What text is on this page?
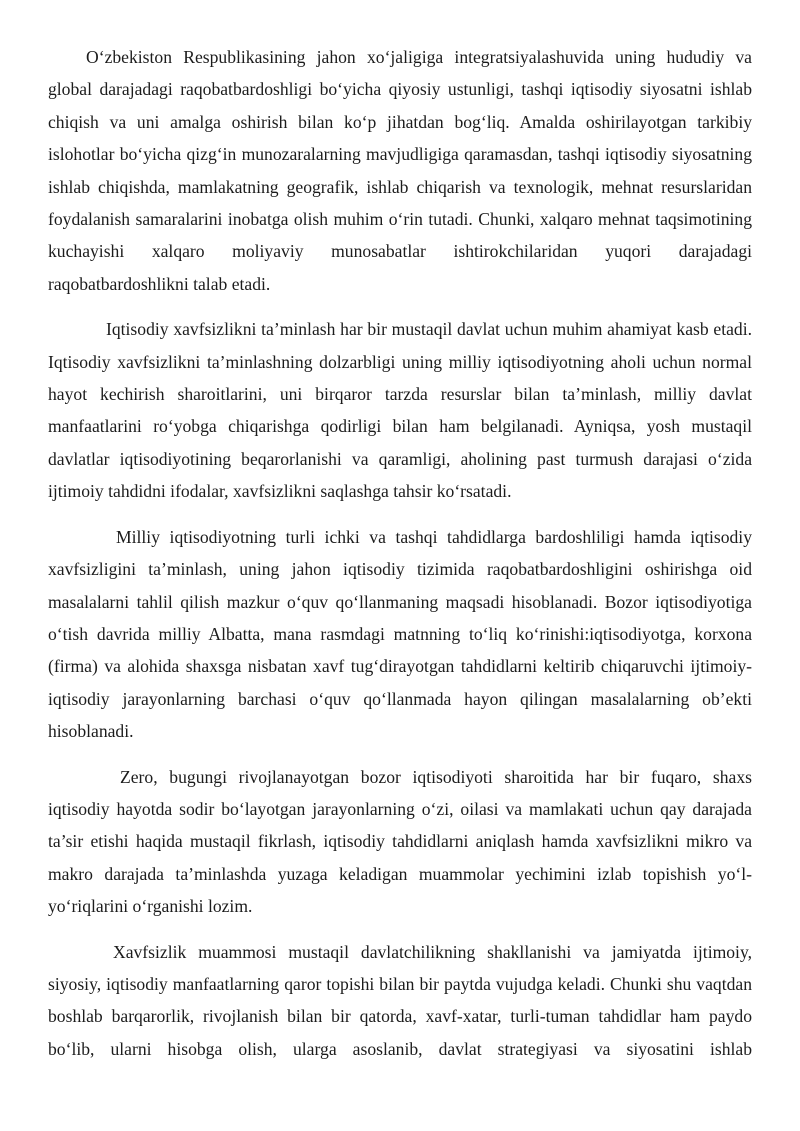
O‘zbekiston Respublikasining jahon xo‘jaligiga integratsiyalashuvida uning hududiy va global darajadagi raqobatbardoshligi bo‘yicha qiyosiy ustunligi, tashqi iqtisodiy siyosatni ishlab chiqish va uni amalga oshirish bilan ko‘p jihatdan bog‘liq. Amalda oshirilayotgan tarkibiy islohotlar bo‘yicha qizg‘in munozaralarning mavjudligiga qaramasdan, tashqi iqtisodiy siyosatning ishlab chiqishda, mamlakatning geografik, ishlab chiqarish va texnologik, mehnat resurslaridan foydalanish samaralarini inobatga olish muhim o‘rin tutadi. Chunki, xalqaro mehnat taqsimotining kuchayishi xalqaro moliyaviy munosabatlar ishtirokchilaridan yuqori darajadagi raqobatbardoshlikni talab etadi.

Iqtisodiy xavfsizlikni ta’minlash har bir mustaqil davlat uchun muhim ahamiyat kasb etadi. Iqtisodiy xavfsizlikni ta’minlashning dolzarbligi uning milliy iqtisodiyotning aholi uchun normal hayot kechirish sharoitlarini, uni birqaror tarzda resurslar bilan ta’minlash, milliy davlat manfaatlarini ro‘yobga chiqarishga qodirligi bilan ham belgilanadi. Ayniqsa, yosh mustaqil davlatlar iqtisodiyotining beqarorlanishi va qaramligi, aholining past turmush darajasi o‘zida ijtimoiy tahdidni ifodalar, xavfsizlikni saqlashga tahsir ko‘rsatadi.

Milliy iqtisodiyotning turli ichki va tashqi tahdidlarga bardoshliligi hamda iqtisodiy xavfsizligini ta’minlash, uning jahon iqtisodiy tizimida raqobatbardoshligini oshirishga oid masalalarni tahlil qilish mazkur o‘quv qo‘llanmaning maqsadi hisoblanadi. Bozor iqtisodiyotiga o‘tish davrida milliy Albatta, mana rasmdagi matnning to‘liq ko‘rinishi:iqtisodiyotga, korxona (firma) va alohida shaxsga nisbatan xavf tug‘dirayotgan tahdidlarni keltirib chiqaruvchi ijtimoiy-iqtisodiy jarayonlarning barchasi o‘quv qo‘llanmada hayon qilingan masalalarning ob’ekti hisoblanadi.

Zero, bugungi rivojlanayotgan bozor iqtisodiyoti sharoitida har bir fuqaro, shaxs iqtisodiy hayotda sodir bo‘layotgan jarayonlarning o‘zi, oilasi va mamlakati uchun qay darajada ta’sir etishi haqida mustaqil fikrlash, iqtisodiy tahdidlarni aniqlash hamda xavfsizlikni mikro va makro darajada ta’minlashda yuzaga keladigan muammolar yechimini izlab topishish yo‘l-yo‘riqlarini o‘rganishi lozim.

Xavfsizlik muammosi mustaqil davlatchilikning shakllanishi va jamiyatda ijtimoiy, siyosiy, iqtisodiy manfaatlarning qaror topishi bilan bir paytda vujudga keladi. Chunki shu vaqtdan boshlab barqarorlik, rivojlanish bilan bir qatorda, xavf-xatar, turli-tuman tahdidlar ham paydo bo‘lib, ularni hisobga olish, ularga asoslanib, davlat strategiyasi va siyosatini ishlab
